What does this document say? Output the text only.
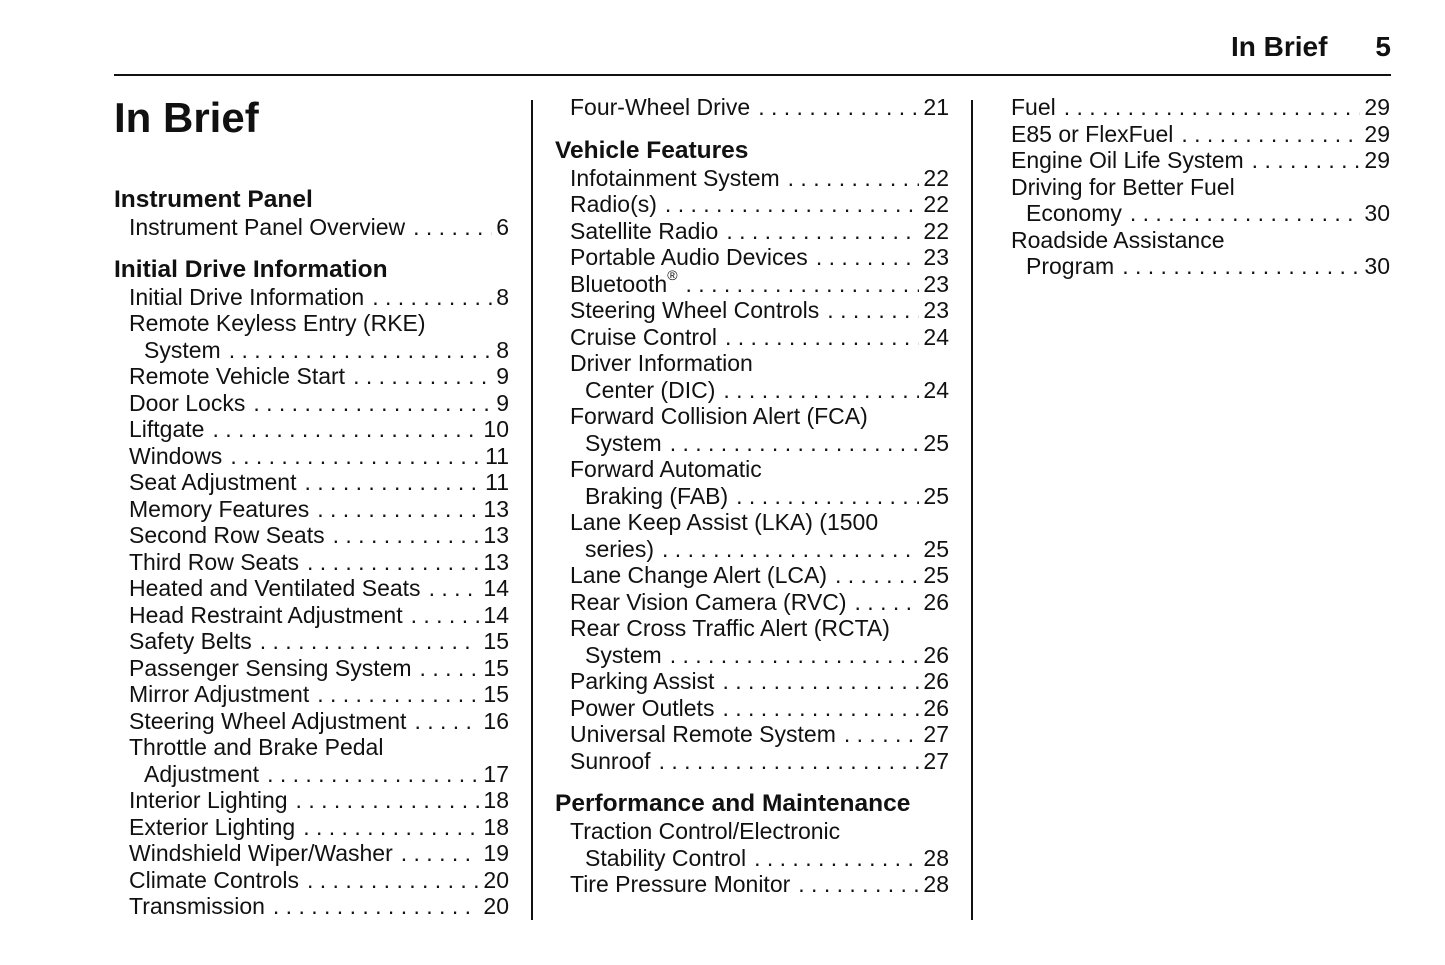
In Brief 5
In Brief
Instrument Panel
Instrument Panel Overview . . .	6
Initial Drive Information
Initial Drive Information . . .	8
Remote Keyless Entry (RKE)
System . . .	8
Remote Vehicle Start . . .	9
Door Locks . . .	9
Liftgate . . .	10
Windows . . .	11
Seat Adjustment . . .	11
Memory Features . . .	13
Second Row Seats . . .	13
Third Row Seats . . .	13
Heated and Ventilated Seats . . .	14
Head Restraint Adjustment . . .	14
Safety Belts . . .	15
Passenger Sensing System . . .	15
Mirror Adjustment . . .	15
Steering Wheel Adjustment . . .	16
Throttle and Brake Pedal
Adjustment . . .	17
Interior Lighting . . .	18
Exterior Lighting . . .	18
Windshield Wiper/Washer . . .	19
Climate Controls . . .	20
Transmission . . .	20
Four-Wheel Drive . . .	21
Vehicle Features
Infotainment System . . .	22
Radio(s) . . .	22
Satellite Radio . . .	22
Portable Audio Devices . . .	23
Bluetooth® . . .	23
Steering Wheel Controls . . .	23
Cruise Control . . .	24
Driver Information
Center (DIC) . . .	24
Forward Collision Alert (FCA)
System . . .	25
Forward Automatic
Braking (FAB) . . .	25
Lane Keep Assist (LKA) (1500
series) . . .	25
Lane Change Alert (LCA) . . .	25
Rear Vision Camera (RVC) . . .	26
Rear Cross Traffic Alert (RCTA)
System . . .	26
Parking Assist . . .	26
Power Outlets . . .	26
Universal Remote System . . .	27
Sunroof . . .	27
Performance and Maintenance
Traction Control/Electronic
Stability Control . . .	28
Tire Pressure Monitor . . .	28
Fuel . . .	29
E85 or FlexFuel . . .	29
Engine Oil Life System . . .	29
Driving for Better Fuel
Economy . . .	30
Roadside Assistance
Program . . .	30
